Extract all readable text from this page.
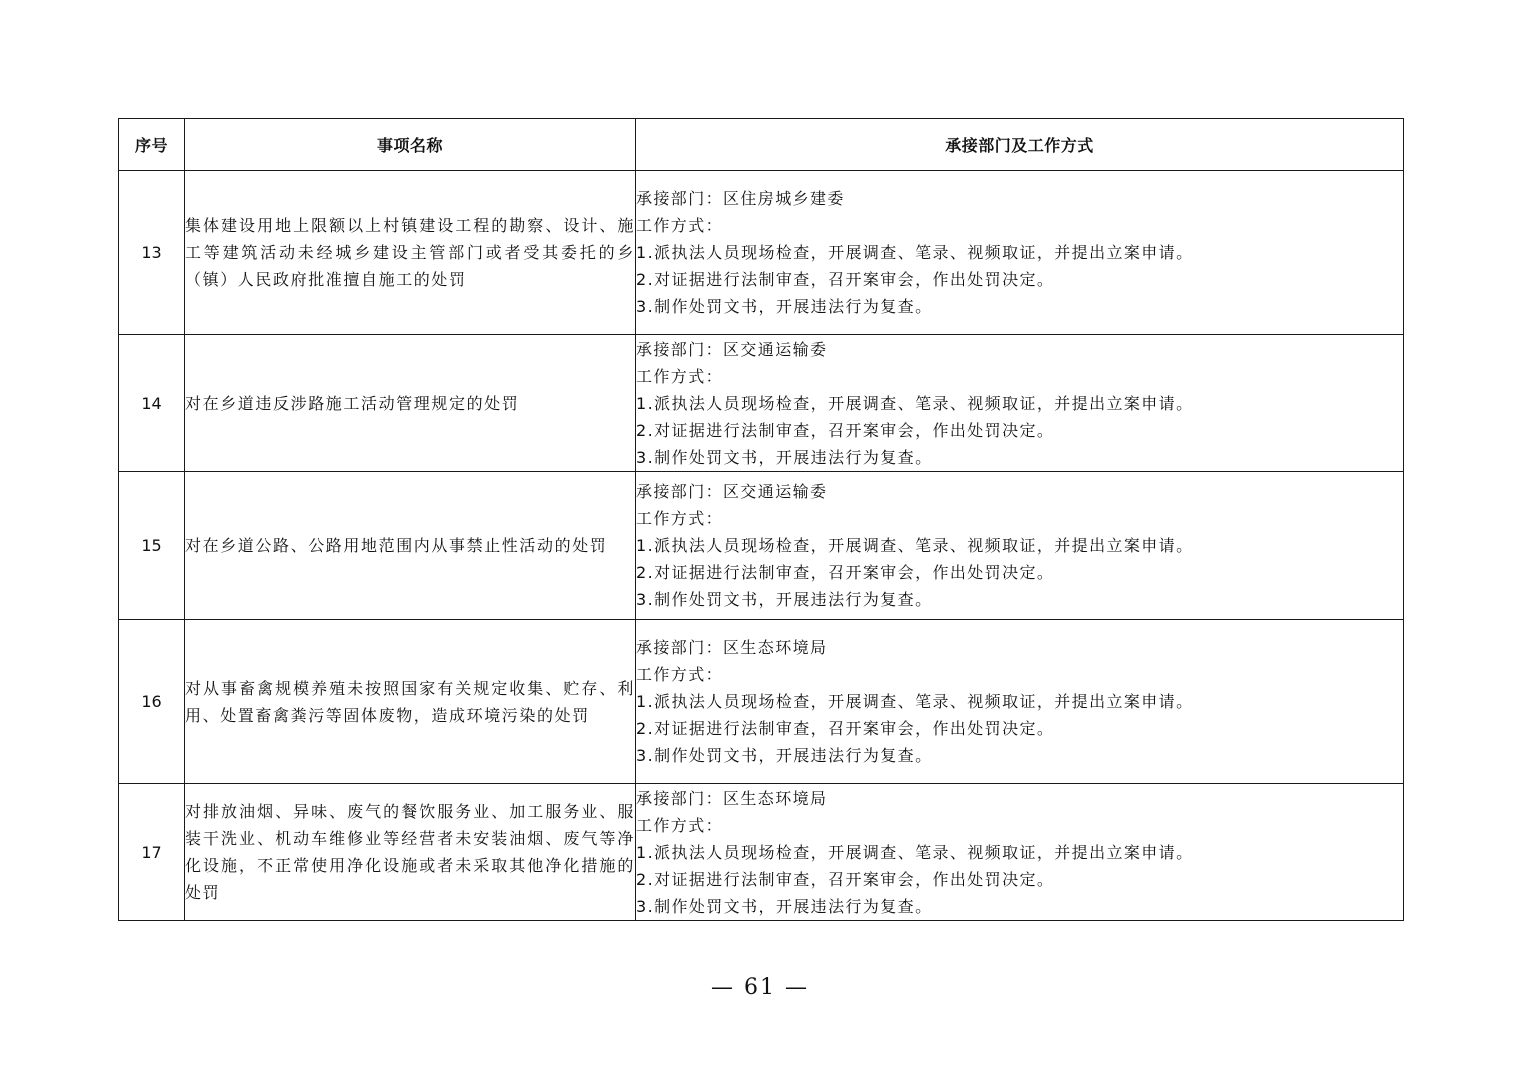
序号	事项名称	承接部门及工作方式
13	集体建设用地上限额以上村镇建设工程的勘察、设计、施工等建筑活动未经城乡建设主管部门或者受其委托的乡（镇）人民政府批准擅自施工的处罚	承接部门：区住房城乡建委
工作方式：
1.派执法人员现场检查，开展调查、笔录、视频取证，并提出立案申请。
2.对证据进行法制审查，召开案审会，作出处罚决定。
3.制作处罚文书，开展违法行为复查。

14	对在乡道违反涉路施工活动管理规定的处罚	承接部门：区交通运输委
工作方式：
1.派执法人员现场检查，开展调查、笔录、视频取证，并提出立案申请。
2.对证据进行法制审查，召开案审会，作出处罚决定。
3.制作处罚文书，开展违法行为复查。

15	对在乡道公路、公路用地范围内从事禁止性活动的处罚	承接部门：区交通运输委
工作方式：
1.派执法人员现场检查，开展调查、笔录、视频取证，并提出立案申请。
2.对证据进行法制审查，召开案审会，作出处罚决定。
3.制作处罚文书，开展违法行为复查。

16	对从事畜禽规模养殖未按照国家有关规定收集、贮存、利用、处置畜禽粪污等固体废物，造成环境污染的处罚	承接部门：区生态环境局
工作方式：
1.派执法人员现场检查，开展调查、笔录、视频取证，并提出立案申请。
2.对证据进行法制审查，召开案审会，作出处罚决定。
3.制作处罚文书，开展违法行为复查。

17	对排放油烟、异味、废气的餐饮服务业、加工服务业、服装干洗业、机动车维修业等经营者未安装油烟、废气等净化设施，不正常使用净化设施或者未采取其他净化措施的处罚	承接部门：区生态环境局
工作方式：
1.派执法人员现场检查，开展调查、笔录、视频取证，并提出立案申请。
2.对证据进行法制审查，召开案审会，作出处罚决定。
3.制作处罚文书，开展违法行为复查。
— 61 —
